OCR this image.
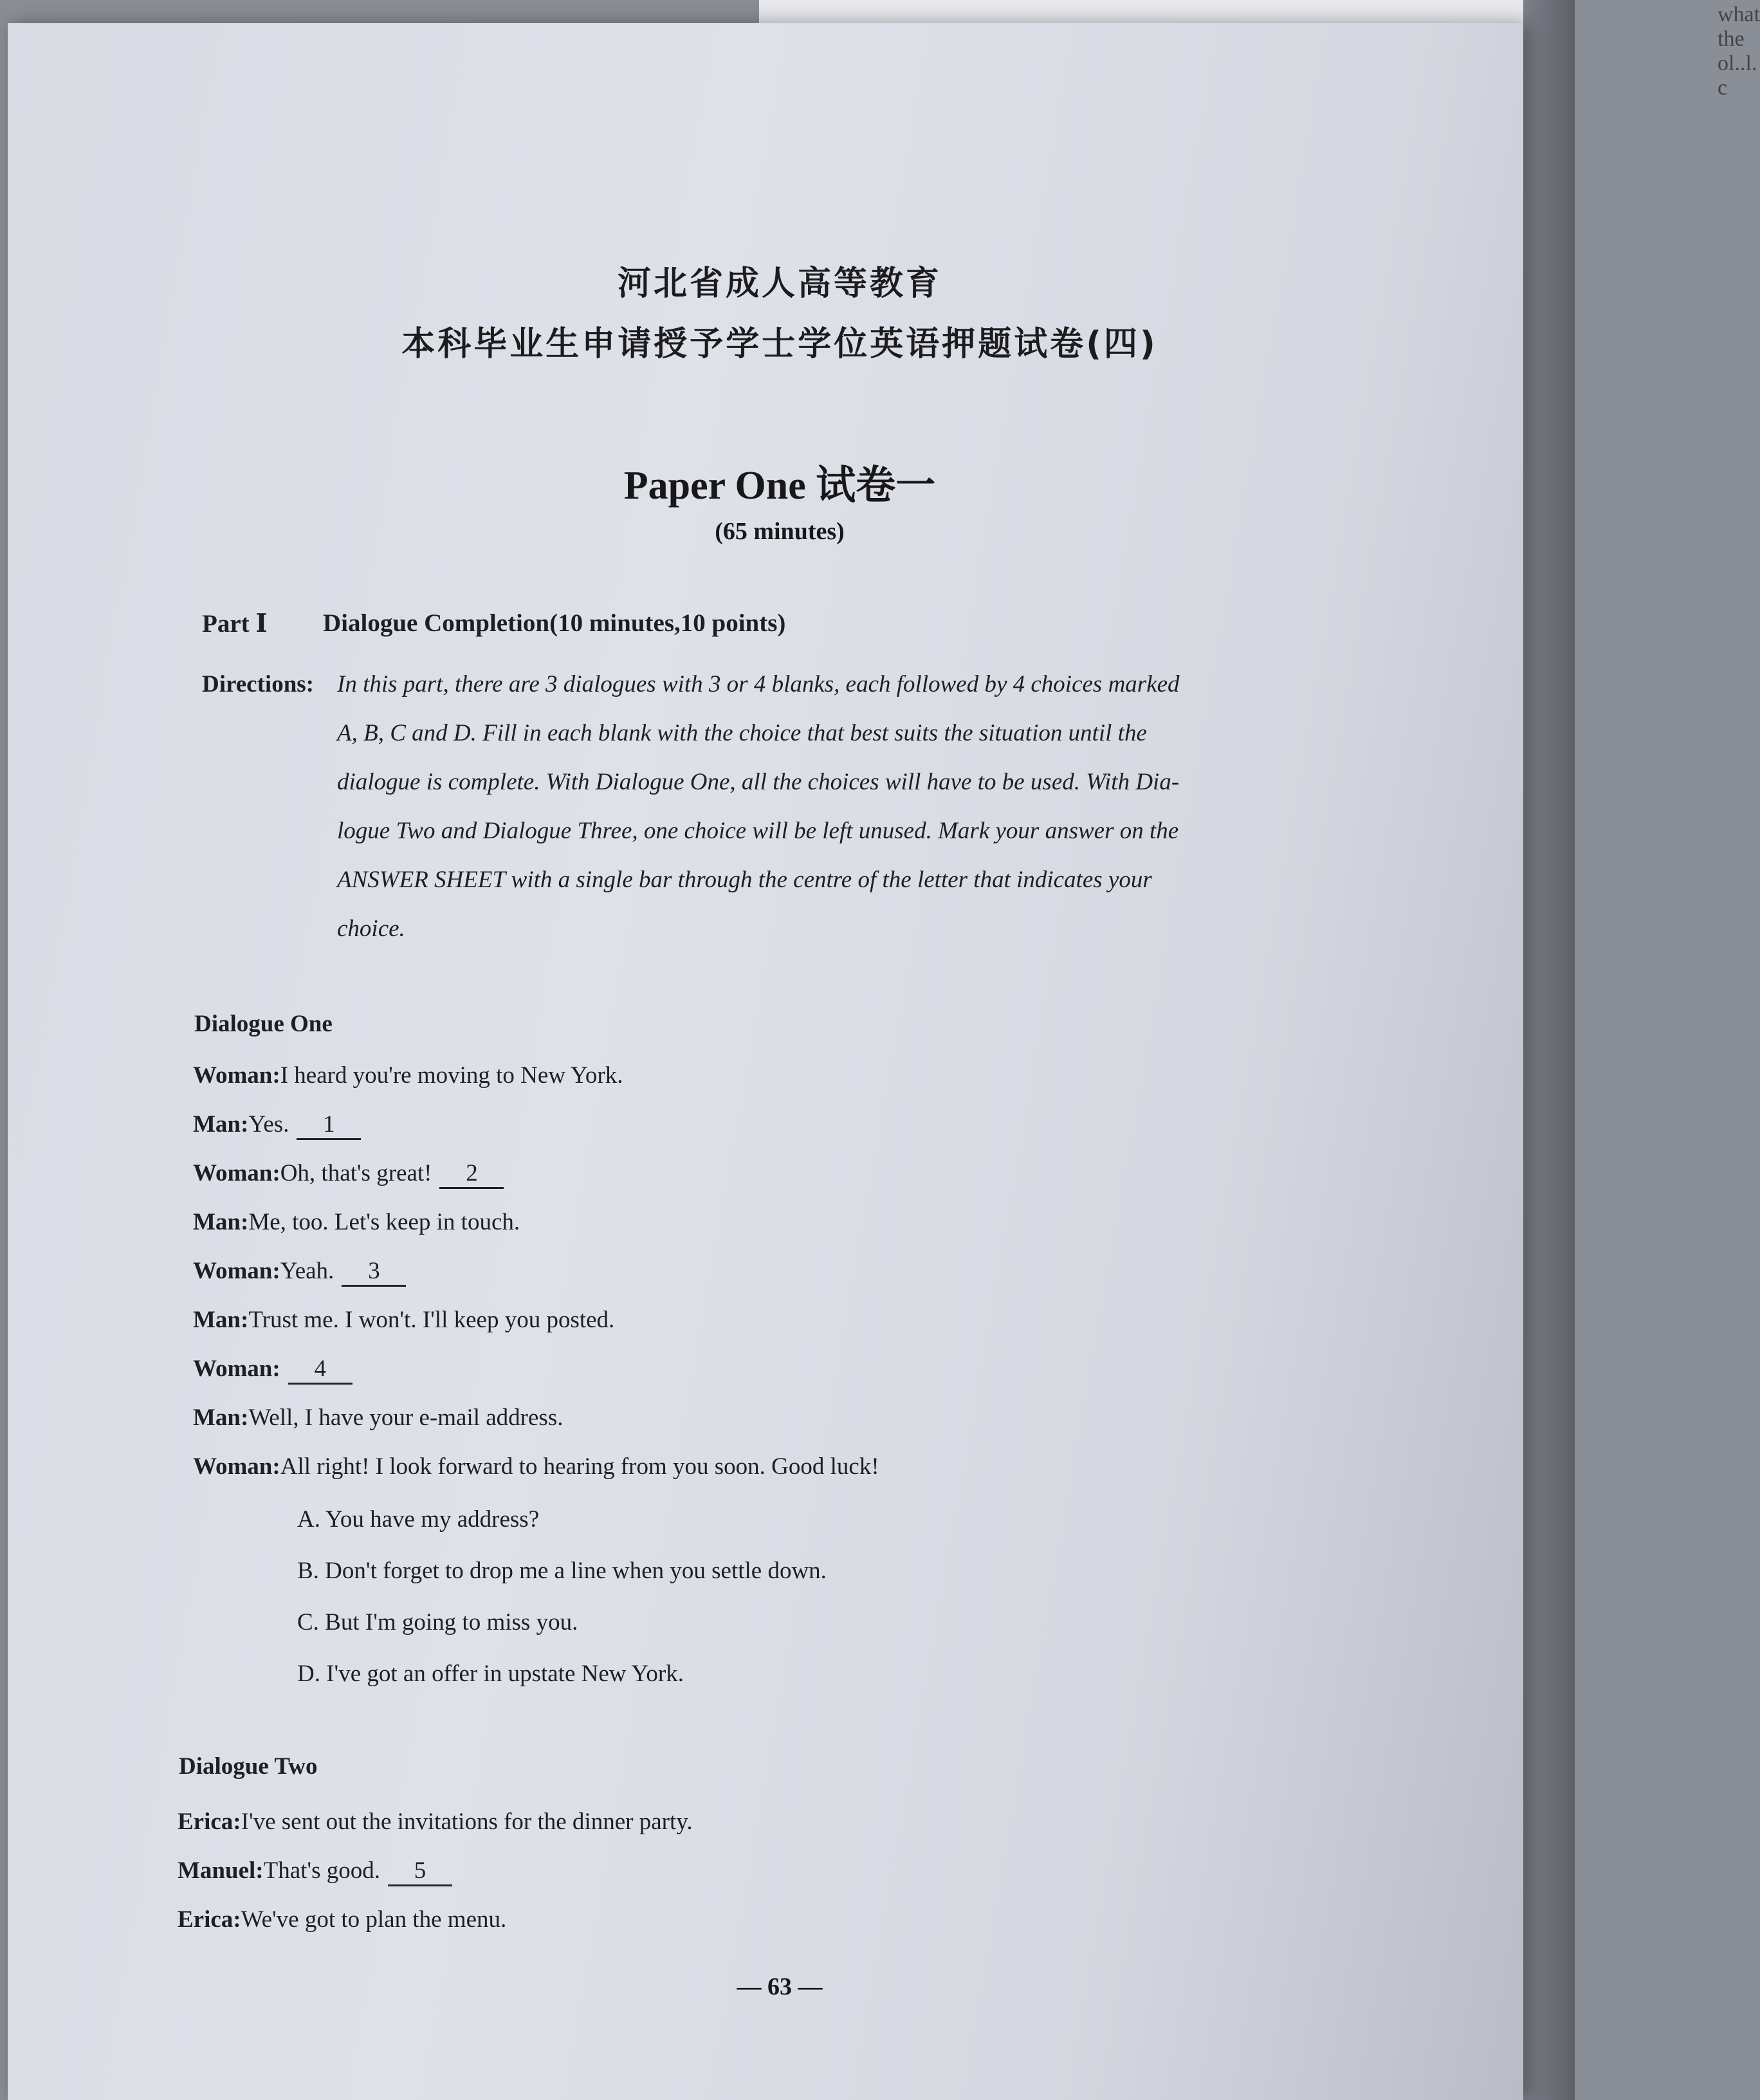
what the ol..l. c
河北省成人高等教育
本科毕业生申请授予学士学位英语押题试卷(四)
Paper One 试卷一
(65 minutes)
Part Ⅰ Dialogue Completion(10 minutes,10 points)
Directions: In this part, there are 3 dialogues with 3 or 4 blanks, each followed by 4 choices marked
A, B, C and D. Fill in each blank with the choice that best suits the situation until the
dialogue is complete. With Dialogue One, all the choices will have to be used. With Dia-
logue Two and Dialogue Three, one choice will be left unused. Mark your answer on the
ANSWER SHEET with a single bar through the centre of the letter that indicates your
choice.
Dialogue One
Woman:I heard you're moving to New York.
Man:Yes. 1
Woman:Oh, that's great! 2
Man:Me, too. Let's keep in touch.
Woman:Yeah. 3
Man:Trust me. I won't. I'll keep you posted.
Woman: 4
Man:Well, I have your e-mail address.
Woman:All right! I look forward to hearing from you soon. Good luck!
A. You have my address?
B. Don't forget to drop me a line when you settle down.
C. But I'm going to miss you.
D. I've got an offer in upstate New York.
Dialogue Two
Erica:I've sent out the invitations for the dinner party.
Manuel:That's good. 5
Erica:We've got to plan the menu.
— 63 —
